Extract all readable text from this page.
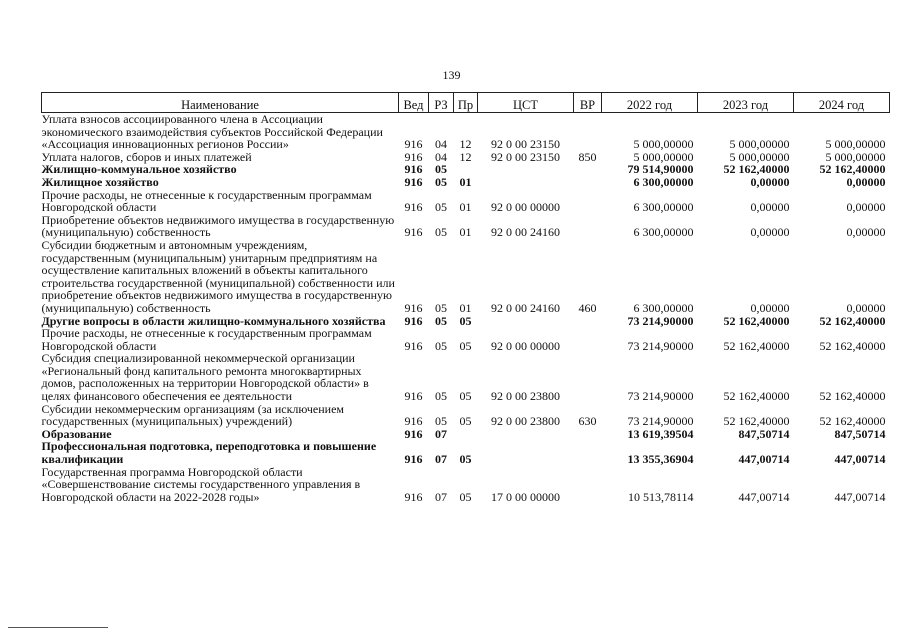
139
Наименование	Вед	РЗ	Пр	ЦСТ	ВР	2022 год	2023 год	2024 год
Уплата взносов ассоциированного члена в Ассоциации экономического взаимодействия субъектов Российской Федерации «Ассоциация инновационных регионов России»	916	04	12	92 0 00 23150		5 000,00000	5 000,00000	5 000,00000
Уплата налогов, сборов и иных платежей	916	04	12	92 0 00 23150	850	5 000,00000	5 000,00000	5 000,00000
Жилищно-коммунальное хозяйство	916	05				79 514,90000	52 162,40000	52 162,40000
Жилищное хозяйство	916	05	01			6 300,00000	0,00000	0,00000
Прочие расходы, не отнесенные к государственным программам Новгородской области	916	05	01	92 0 00 00000		6 300,00000	0,00000	0,00000
Приобретение объектов недвижимого имущества в государственную (муниципальную) собственность	916	05	01	92 0 00 24160		6 300,00000	0,00000	0,00000
Субсидии бюджетным и автономным учреждениям, государственным (муниципальным) унитарным предприятиям на осуществление капитальных вложений в объекты капитального строительства государственной (муниципальной) собственности или приобретение объектов недвижимого имущества в государственную (муниципальную) собственность	916	05	01	92 0 00 24160	460	6 300,00000	0,00000	0,00000
Другие вопросы в области жилищно-коммунального хозяйства	916	05	05			73 214,90000	52 162,40000	52 162,40000
Прочие расходы, не отнесенные к государственным программам Новгородской области	916	05	05	92 0 00 00000		73 214,90000	52 162,40000	52 162,40000
Субсидия специализированной некоммерческой организации «Региональный фонд капитального ремонта многоквартирных домов, расположенных на территории Новгородской области» в целях финансового обеспечения ее деятельности	916	05	05	92 0 00 23800		73 214,90000	52 162,40000	52 162,40000
Субсидии некоммерческим организациям (за исключением государственных (муниципальных) учреждений)	916	05	05	92 0 00 23800	630	73 214,90000	52 162,40000	52 162,40000
Образование	916	07				13 619,39504	847,50714	847,50714
Профессиональная подготовка, переподготовка и повышение квалификации	916	07	05			13 355,36904	447,00714	447,00714
Государственная программа Новгородской области «Совершенствование системы государственного управления в Новгородской области на 2022-2028 годы»	916	07	05	17 0 00 00000		10 513,78114	447,00714	447,00714
